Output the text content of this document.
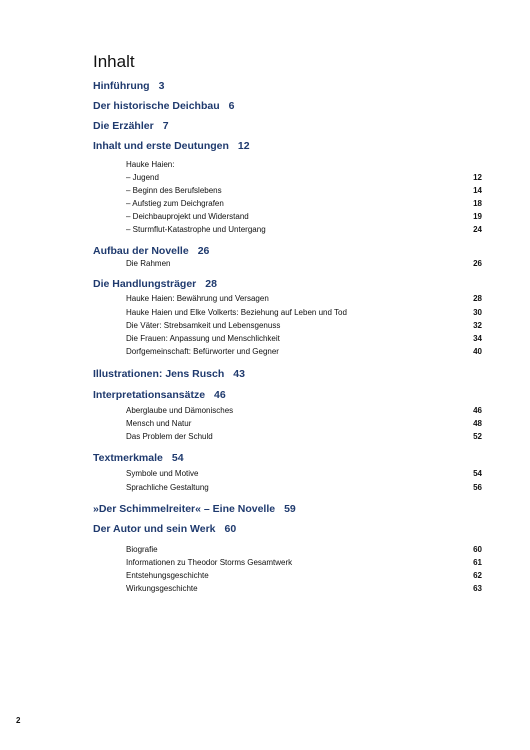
Inhalt
Hinführung 3
Der historische Deichbau 6
Die Erzähler 7
Inhalt und erste Deutungen 12
Hauke Haien:
– Jugend	12
– Beginn des Berufslebens	14
– Aufstieg zum Deichgrafen	18
– Deichbauprojekt und Widerstand	19
– Sturmflut-Katastrophe und Untergang	24
Aufbau der Novelle 26
Die Rahmen	26
Die Handlungsträger 28
Hauke Haien: Bewährung und Versagen	28
Hauke Haien und Elke Volkerts: Beziehung auf Leben und Tod	30
Die Väter: Strebsamkeit und Lebensgenuss	32
Die Frauen: Anpassung und Menschlichkeit	34
Dorfgemeinschaft: Befürworter und Gegner	40
Illustrationen: Jens Rusch 43
Interpretationsansätze 46
Aberglaube und Dämonisches	46
Mensch und Natur	48
Das Problem der Schuld	52
Textmerkmale 54
Symbole und Motive	54
Sprachliche Gestaltung	56
»Der Schimmelreiter« – Eine Novelle 59
Der Autor und sein Werk 60
Biografie	60
Informationen zu Theodor Storms Gesamtwerk	61
Entstehungsgeschichte	62
Wirkungsgeschichte	63
2
